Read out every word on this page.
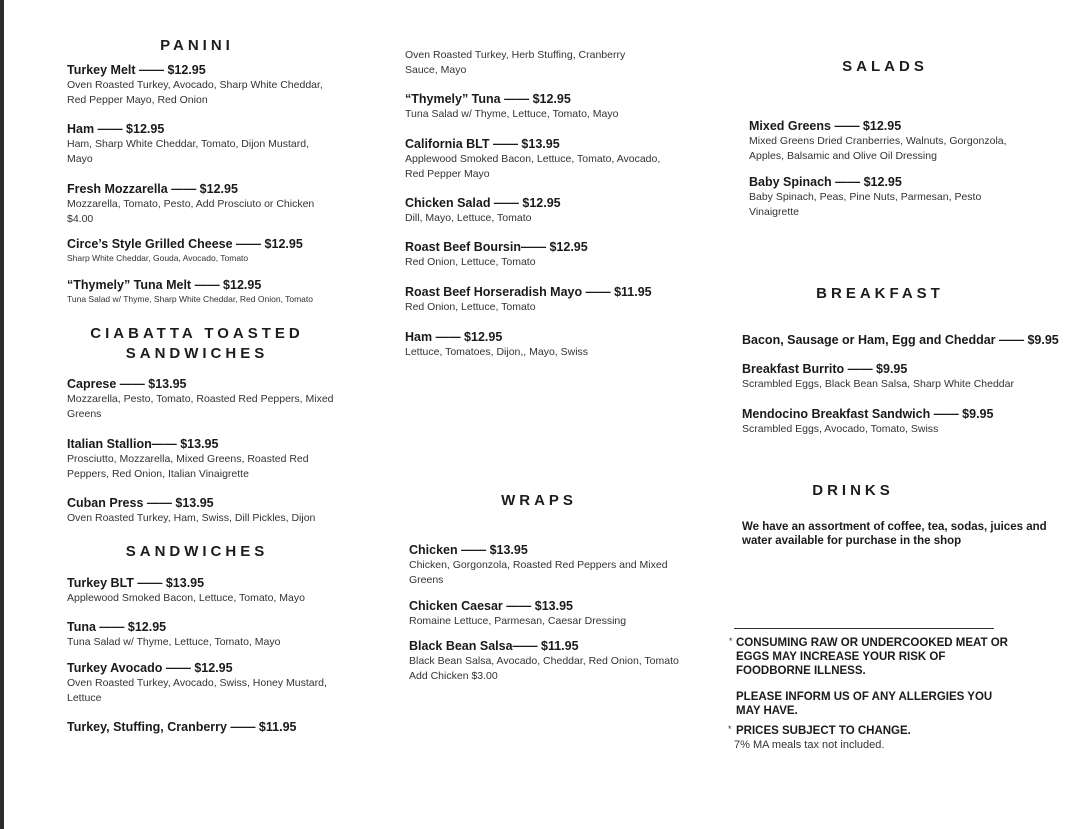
PANINI
Turkey Melt —— $12.95
Oven Roasted Turkey, Avocado, Sharp White Cheddar, Red Pepper Mayo, Red Onion
Ham —— $12.95
Ham, Sharp White Cheddar, Tomato, Dijon Mustard, Mayo
Fresh Mozzarella —— $12.95
Mozzarella, Tomato, Pesto, Add Prosciuto or Chicken $4.00
Circe’s Style Grilled Cheese —— $12.95
Sharp White Cheddar, Gouda, Avocado, Tomato
“Thymely” Tuna Melt —— $12.95
Tuna Salad w/ Thyme, Sharp White Cheddar, Red Onion, Tomato
CIABATTA TOASTED
SANDWICHES
Caprese —— $13.95
Mozzarella, Pesto, Tomato, Roasted Red Peppers, Mixed Greens
Italian Stallion—— $13.95
Prosciutto, Mozzarella, Mixed Greens, Roasted Red Peppers, Red Onion, Italian Vinaigrette
Cuban Press —— $13.95
Oven Roasted Turkey, Ham, Swiss, Dill Pickles, Dijon
SANDWICHES
Turkey BLT —— $13.95
Applewood Smoked Bacon, Lettuce, Tomato, Mayo
Tuna —— $12.95
Tuna Salad w/ Thyme, Lettuce, Tomato, Mayo
Turkey Avocado —— $12.95
Oven Roasted Turkey, Avocado, Swiss, Honey Mustard, Lettuce
Turkey, Stuffing, Cranberry —— $11.95
Oven Roasted Turkey, Herb Stuffing, Cranberry Sauce, Mayo
“Thymely” Tuna —— $12.95
Tuna Salad w/ Thyme, Lettuce, Tomato, Mayo
California BLT —— $13.95
Applewood Smoked Bacon, Lettuce, Tomato, Avocado, Red Pepper Mayo
Chicken Salad —— $12.95
Dill, Mayo, Lettuce, Tomato
Roast Beef Boursin—— $12.95
Red Onion, Lettuce, Tomato
Roast Beef Horseradish Mayo —— $11.95
Red Onion, Lettuce, Tomato
Ham —— $12.95
Lettuce, Tomatoes, Dijon,, Mayo, Swiss
WRAPS
Chicken —— $13.95
Chicken, Gorgonzola, Roasted Red Peppers and Mixed Greens
Chicken Caesar —— $13.95
Romaine Lettuce, Parmesan, Caesar Dressing
Black Bean Salsa—— $11.95
Black Bean Salsa, Avocado, Cheddar, Red Onion, Tomato
Add Chicken $3.00
SALADS
Mixed Greens —— $12.95
Mixed Greens Dried Cranberries, Walnuts, Gorgonzola, Apples, Balsamic and Olive Oil Dressing
Baby Spinach —— $12.95
Baby Spinach, Peas, Pine Nuts, Parmesan, Pesto Vinaigrette
BREAKFAST
Bacon, Sausage or Ham, Egg and Cheddar —— $9.95
Breakfast Burrito —— $9.95
Scrambled Eggs, Black Bean Salsa, Sharp White Cheddar
Mendocino Breakfast Sandwich —— $9.95
Scrambled Eggs, Avocado, Tomato, Swiss
DRINKS
We have an assortment of coffee, tea, sodas, juices and water available for purchase in the shop
* CONSUMING RAW OR UNDERCOOKED MEAT OR EGGS MAY INCREASE YOUR RISK OF FOODBORNE ILLNESS.
PLEASE INFORM US OF ANY ALLERGIES YOU MAY HAVE.
* PRICES SUBJECT TO CHANGE.
7% MA meals tax not included.
